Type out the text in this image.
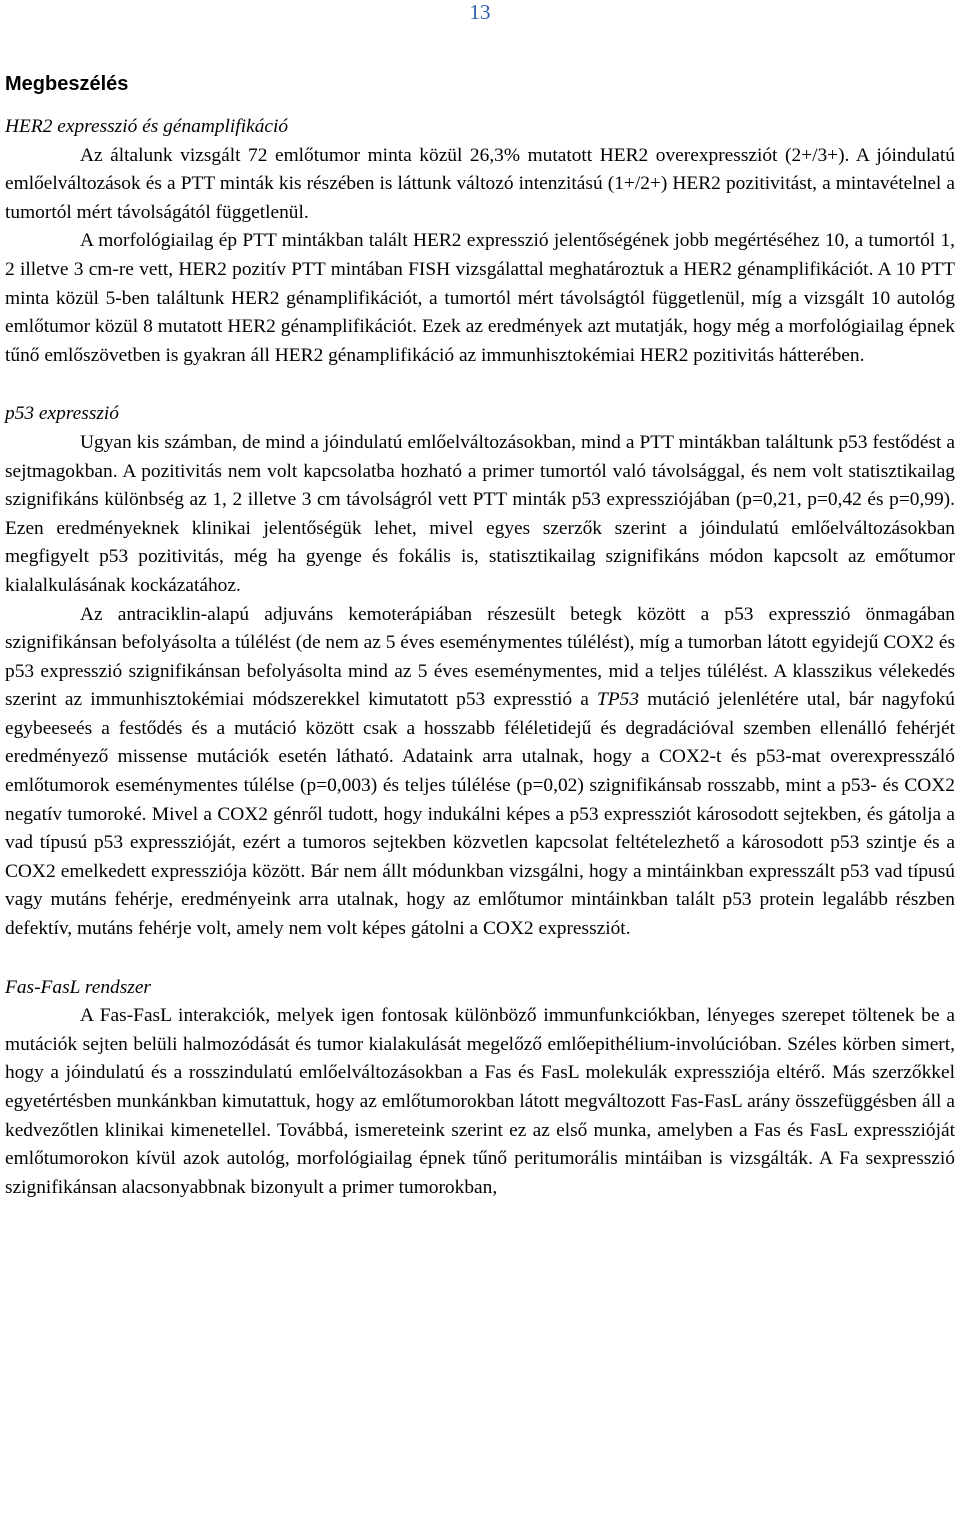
13
Megbeszélés

HER2 expresszió és génamplifikáció

Az általunk vizsgált 72 emlőtumor minta közül 26,3% mutatott HER2 overexpressziót (2+/3+). A jóindulatú emlőelváltozások és a PTT minták kis részében is láttunk változó intenzitású (1+/2+) HER2 pozitivitást, a mintavételnel a tumortól mért távolságától függetlenül.

A morfológiailag ép PTT mintákban talált HER2 expresszió jelentőségének jobb megértéséhez 10, a tumortól 1, 2 illetve 3 cm-re vett, HER2 pozitív PTT mintában FISH vizsgálattal meghatároztuk a HER2 génamplifikációt. A 10 PTT minta közül 5-ben találtunk HER2 génamplifikációt, a tumortól mért távolságtól függetlenül, míg a vizsgált 10 autológ emlőtumor közül 8 mutatott HER2 génamplifikációt. Ezek az eredmények azt mutatják, hogy még a morfológiailag épnek tűnő emlőszövetben is gyakran áll HER2 génamplifikáció az immunhisztokémiai HER2 pozitivitás hátterében.

p53 expresszió

Ugyan kis számban, de mind a jóindulatú emlőelváltozásokban, mind a PTT mintákban találtunk p53 festődést a sejtmagokban. A pozitivitás nem volt kapcsolatba hozható a primer tumortól való távolsággal, és nem volt statisztikailag szignifikáns különbség az 1, 2 illetve 3 cm távolságról vett PTT minták p53 expressziójában (p=0,21, p=0,42 és p=0,99). Ezen eredményeknek klinikai jelentőségük lehet, mivel egyes szerzők szerint a jóindulatú emlőelváltozásokban megfigyelt p53 pozitivitás, még ha gyenge és fokális is, statisztikailag szignifikáns módon kapcsolt az emőtumor kialalkulásának kockázatához.

Az antraciklin-alapú adjuváns kemoterápiában részesült betegk között a p53 expresszió önmagában szignifikánsan befolyásolta a túlélést (de nem az 5 éves eseménymentes túlélést), míg a tumorban látott egyidejű COX2 és p53 expresszió szignifikánsan befolyásolta mind az 5 éves eseménymentes, mid a teljes túlélést. A klasszikus vélekedés szerint az immunhisztokémiai módszerekkel kimutatott p53 expresstió a TP53 mutáció jelenlétére utal, bár nagyfokú egybeeseés a festődés és a mutáció között csak a hosszabb féléletidejű és degradációval szemben ellenálló fehérjét eredményező missense mutációk esetén látható. Adataink arra utalnak, hogy a COX2-t és p53-mat overexpresszáló emlőtumorok eseménymentes túlélse (p=0,003) és teljes túlélése (p=0,02) szignifikánsab rosszabb, mint a p53- és COX2 negatív tumoroké. Mivel a COX2 génről tudott, hogy indukálni képes a p53 expressziót károsodott sejtekben, és gátolja a vad típusú p53 expresszióját, ezért a tumoros sejtekben közvetlen kapcsolat feltételezhető a károsodott p53 szintje és a COX2 emelkedett expressziója között. Bár nem állt módunkban vizsgálni, hogy a mintáinkban expresszált p53 vad típusú vagy mutáns fehérje, eredményeink arra utalnak, hogy az emlőtumor mintáinkban talált p53 protein legalább részben defektív, mutáns fehérje volt, amely nem volt képes gátolni a COX2 expressziót.

Fas-FasL rendszer

A Fas-FasL interakciók, melyek igen fontosak különböző immunfunkciókban, lényeges szerepet töltenek be a mutációk sejten belüli halmozódását és tumor kialakulását megelőző emlőepithélium-involúcióban. Széles körben simert, hogy a jóindulatú és a rosszindulatú emlőelváltozásokban a Fas és FasL molekulák expressziója eltérő. Más szerzőkkel egyetértésben munkánkban kimutattuk, hogy az emlőtumorokban látott megváltozott Fas-FasL arány összefüggésben áll a kedvezőtlen klinikai kimenetellel. Továbbá, ismereteink szerint ez az első munka, amelyben a Fas és FasL expresszióját emlőtumorokon kívül azok autológ, morfológiailag épnek tűnő peritumorális mintáiban is vizsgálták. A Fa sexpresszió szignifikánsan alacsonyabbnak bizonyult a primer tumorokban,
